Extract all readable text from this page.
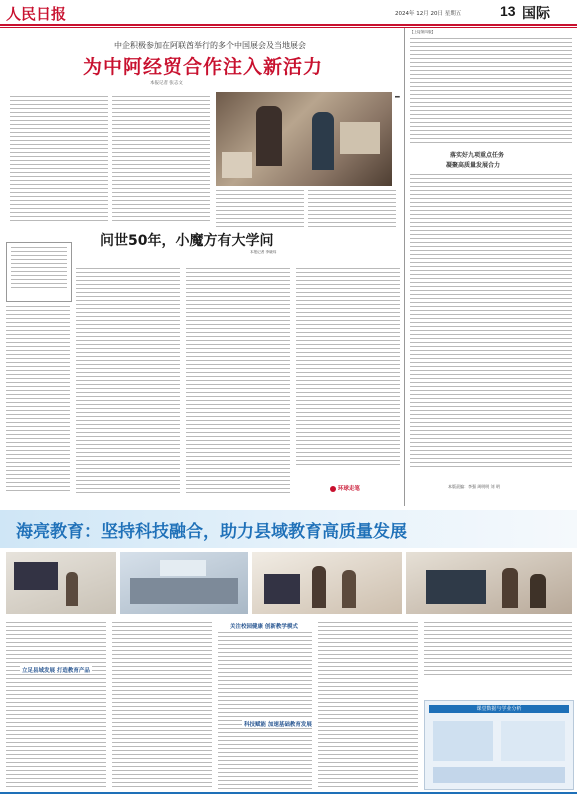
人民日报	2024年 12月 20日 星期五	13 国际
中企积极参加在阿联酋举行的多个中国展会及当地展会
为中阿经贸合作注入新活力
本报记者 张志文
▌
【上接第四版】
落实好九项重点任务
凝聚高质量发展合力
本版责编：李强 周明明 刘 明
问世50年，小魔方有大学问
本报记者 李晓玮
环球走笔
海亮教育：坚持科技融合，助力县域教育高质量发展
立足县域发展 打造教育产品
关注校园健康 创新教学模式
科技赋能 加速基础教育发展
课堂数据与学业分析
